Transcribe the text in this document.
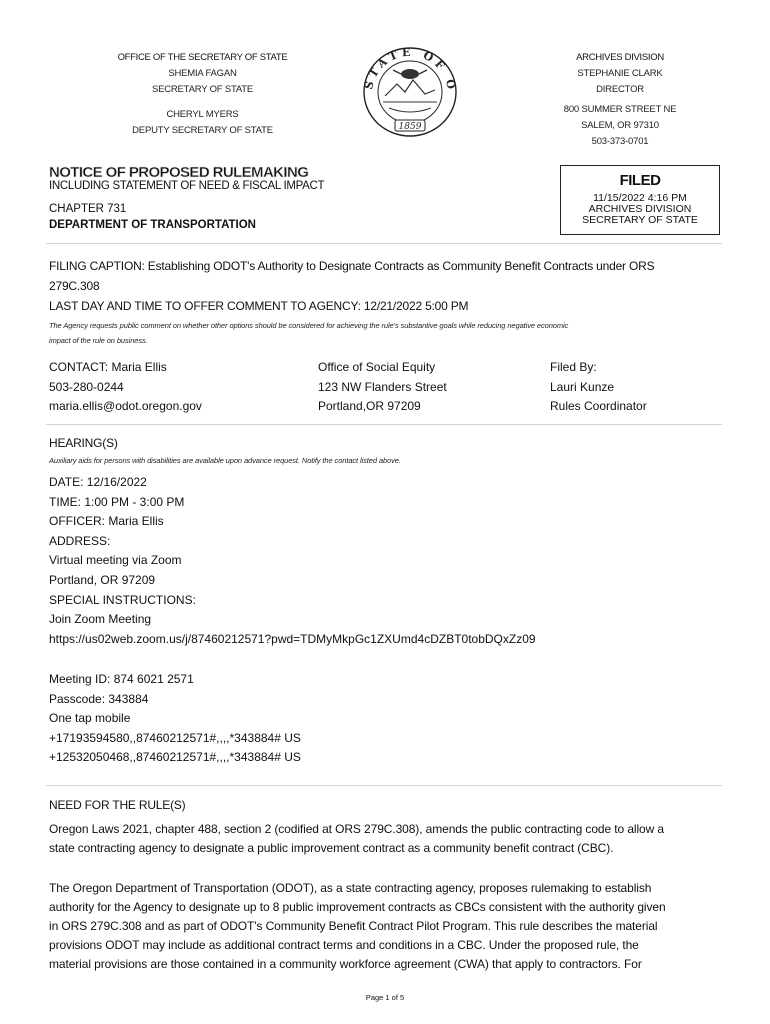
OFFICE OF THE SECRETARY OF STATE
SHEMIA FAGAN
SECRETARY OF STATE
CHERYL MYERS
DEPUTY SECRETARY OF STATE
STATE OF O
1859
ARCHIVES DIVISION
STEPHANIE CLARK
DIRECTOR
800 SUMMER STREET NE
SALEM, OR 97310
503-373-0701
NOTICE OF PROPOSED RULEMAKING
INCLUDING STATEMENT OF NEED & FISCAL IMPACT
CHAPTER 731
DEPARTMENT OF TRANSPORTATION
FILED
11/15/2022 4:16 PM
ARCHIVES DIVISION
SECRETARY OF STATE
FILING CAPTION: Establishing ODOT's Authority to Designate Contracts as Community Benefit Contracts under ORS
279C.308
LAST DAY AND TIME TO OFFER COMMENT TO AGENCY: 12/21/2022 5:00 PM
The Agency requests public comment on whether other options should be considered for achieving the rule's substantive goals while reducing negative economic
impact of the rule on business.
CONTACT: Maria Ellis
503-280-0244
maria.ellis@odot.oregon.gov
Office of Social Equity
123 NW Flanders Street
Portland,OR 97209
Filed By:
Lauri Kunze
Rules Coordinator
HEARING(S)
Auxiliary aids for persons with disabilities are available upon advance request. Notify the contact listed above.
DATE: 12/16/2022
TIME: 1:00 PM - 3:00 PM
OFFICER: Maria Ellis
ADDRESS:
Virtual meeting via Zoom
Portland, OR 97209
SPECIAL INSTRUCTIONS:
Join Zoom Meeting
https://us02web.zoom.us/j/87460212571?pwd=TDMyMkpGc1ZXUmd4cDZBT0tobDQxZz09
Meeting ID: 874 6021 2571
Passcode: 343884
One tap mobile
+17193594580,,87460212571#,,,,*343884# US
+12532050468,,87460212571#,,,,*343884# US
NEED FOR THE RULE(S)
Oregon Laws 2021, chapter 488, section 2 (codified at ORS 279C.308), amends the public contracting code to allow a
state contracting agency to designate a public improvement contract as a community benefit contract (CBC).
The Oregon Department of Transportation (ODOT), as a state contracting agency, proposes rulemaking to establish
authority for the Agency to designate up to 8 public improvement contracts as CBCs consistent with the authority given
in ORS 279C.308 and as part of ODOT's Community Benefit Contract Pilot Program. This rule describes the material
provisions ODOT may include as additional contract terms and conditions in a CBC. Under the proposed rule, the
material provisions are those contained in a community workforce agreement (CWA) that apply to contractors. For
Page 1 of 5
